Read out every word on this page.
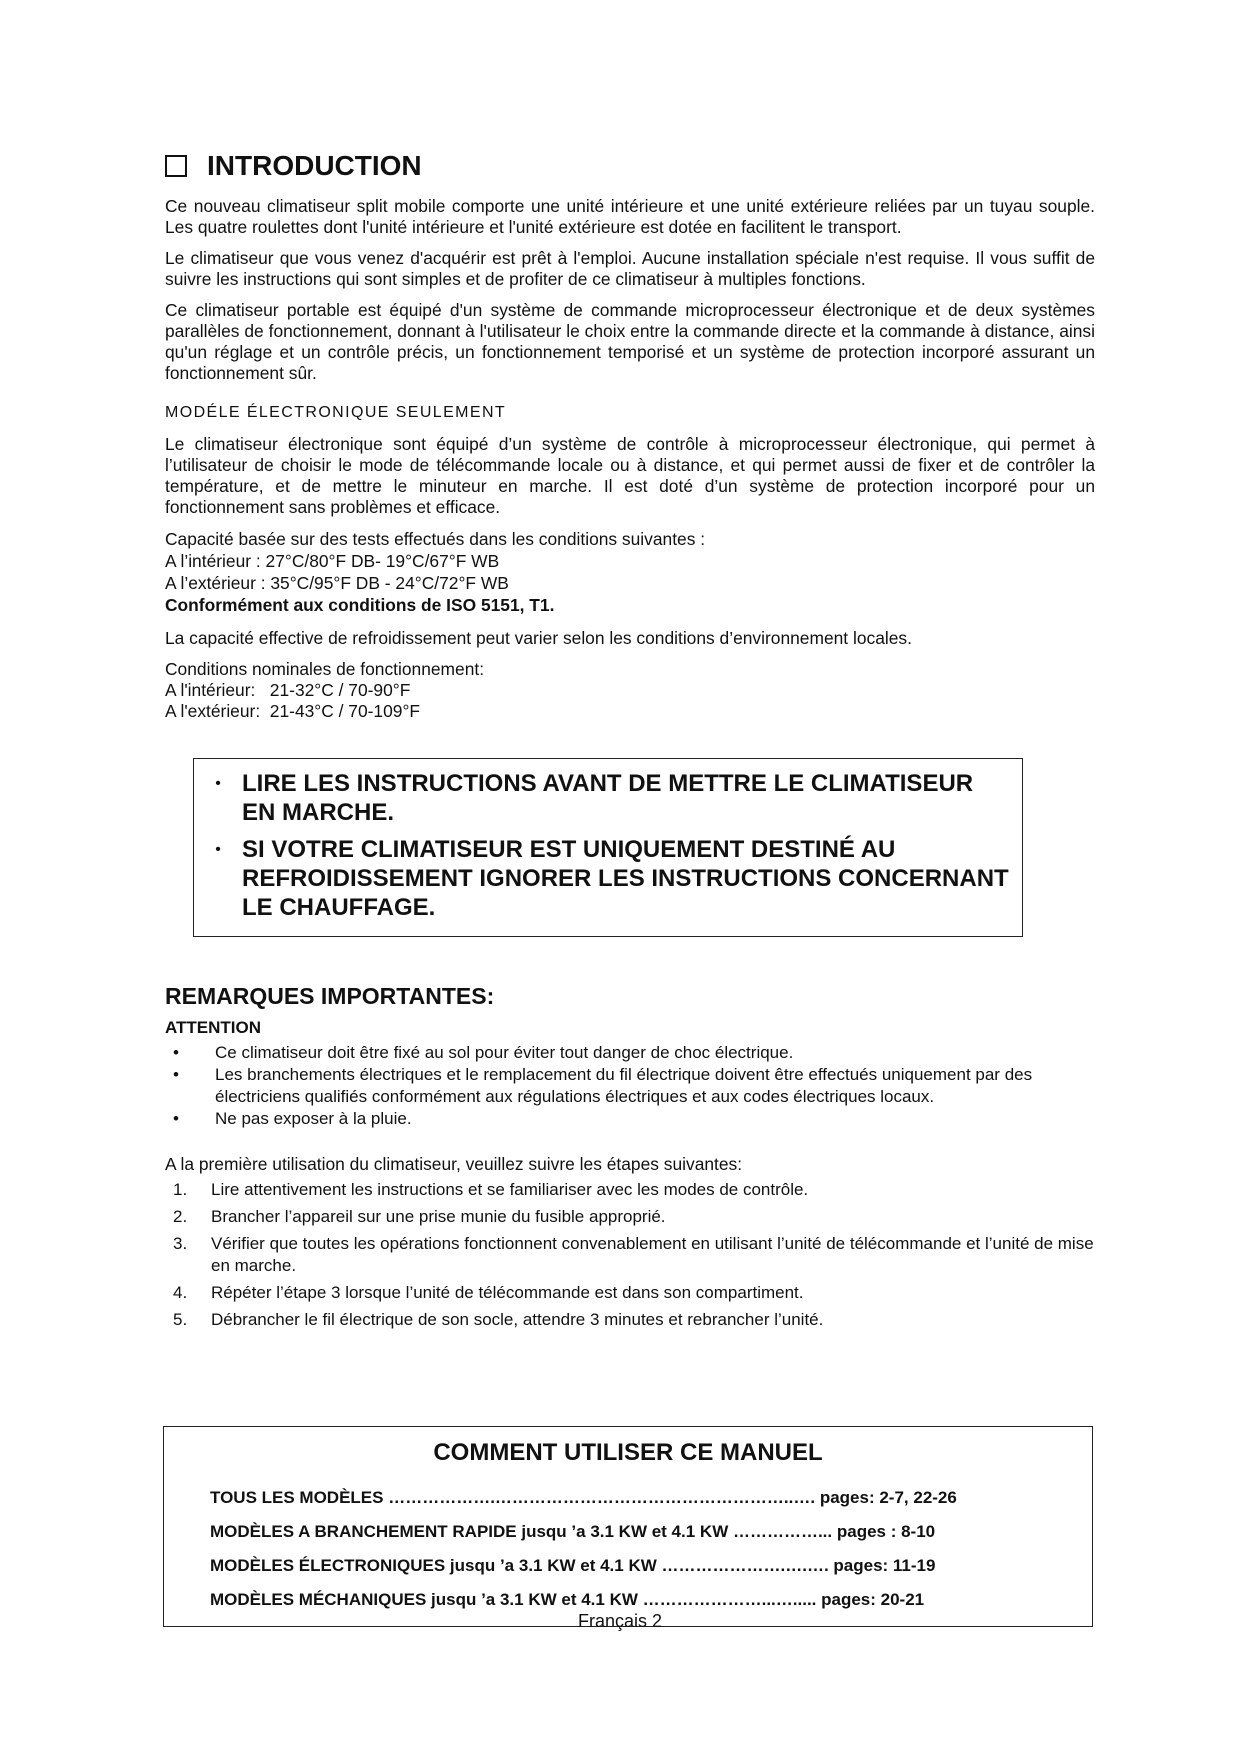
INTRODUCTION

Ce nouveau climatiseur split mobile comporte une unité intérieure et une unité extérieure reliées par un tuyau souple. Les quatre roulettes dont l'unité intérieure et l'unité extérieure est dotée en facilitent le transport.

Le climatiseur que vous venez d'acquérir est prêt à l'emploi. Aucune installation spéciale n'est requise. Il vous suffit de suivre les instructions qui sont simples et de profiter de ce climatiseur à multiples fonctions.

Ce climatiseur portable est équipé d'un système de commande microprocesseur électronique et de deux systèmes parallèles de fonctionnement, donnant à l'utilisateur le choix entre la commande directe et la commande à distance, ainsi qu'un réglage et un contrôle précis, un fonctionnement temporisé et un système de protection incorporé assurant un fonctionnement sûr.

MODÉLE ÉLECTRONIQUE SEULEMENT

Le climatiseur électronique sont équipé d’un système de contrôle à microprocesseur électronique, qui permet à l’utilisateur de choisir le mode de télécommande locale ou à distance, et qui permet aussi de fixer et de contrôler la température, et de mettre le minuteur en marche. Il est doté d’un système de protection incorporé pour un fonctionnement sans problèmes et efficace.

Capacité basée sur des tests effectués dans les conditions suivantes :
A l’intérieur : 27°C/80°F DB- 19°C/67°F WB
A l’extérieur : 35°C/95°F DB - 24°C/72°F WB
Conformément aux conditions de ISO 5151, T1.

La capacité effective de refroidissement peut varier selon les conditions d’environnement locales.

Conditions nominales de fonctionnement:
A l'intérieur:   21-32°C / 70-90°F
A l'extérieur:  21-43°C / 70-109°F
• LIRE LES INSTRUCTIONS AVANT DE METTRE LE CLIMATISEUR EN MARCHE.
• SI VOTRE CLIMATISEUR EST UNIQUEMENT DESTINÉ AU REFROIDISSEMENT IGNORER LES INSTRUCTIONS CONCERNANT LE CHAUFFAGE.
REMARQUES IMPORTANTES:
ATTENTION
•	Ce climatiseur doit être fixé au sol pour éviter tout danger de choc électrique.
•	Les branchements électriques et le remplacement du fil électrique doivent être effectués uniquement par des électriciens qualifiés conformément aux régulations électriques et aux codes électriques locaux.
•	Ne pas exposer à la pluie.
A la première utilisation du climatiseur, veuillez suivre les étapes suivantes:
1.	Lire attentivement les instructions et se familiariser avec les modes de contrôle.
2.	Brancher l’appareil sur une prise munie du fusible approprié.
3.	Vérifier que toutes les opérations fonctionnent convenablement en utilisant l’unité de télécommande et l’unité de mise en marche.
4.	Répéter l’étape 3 lorsque l’unité de télécommande est dans son compartiment.
5.	Débrancher le fil électrique de son socle, attendre 3 minutes et rebrancher l’unité.
COMMENT UTILISER CE MANUEL
TOUS LES MODÈLES ……………….……………………………………………..…. pages: 2-7, 22-26
MODÈLES A BRANCHEMENT RAPIDE jusqu ’a 3.1 KW et 4.1 KW ……………... pages : 8-10
MODÈLES ÉLECTRONIQUES jusqu ’a 3.1 KW et 4.1 KW ………………….….…. pages: 11-19
MODÈLES MÉCHANIQUES jusqu ’a 3.1 KW et 4.1 KW …………………...…..... pages: 20-21
Français 2
